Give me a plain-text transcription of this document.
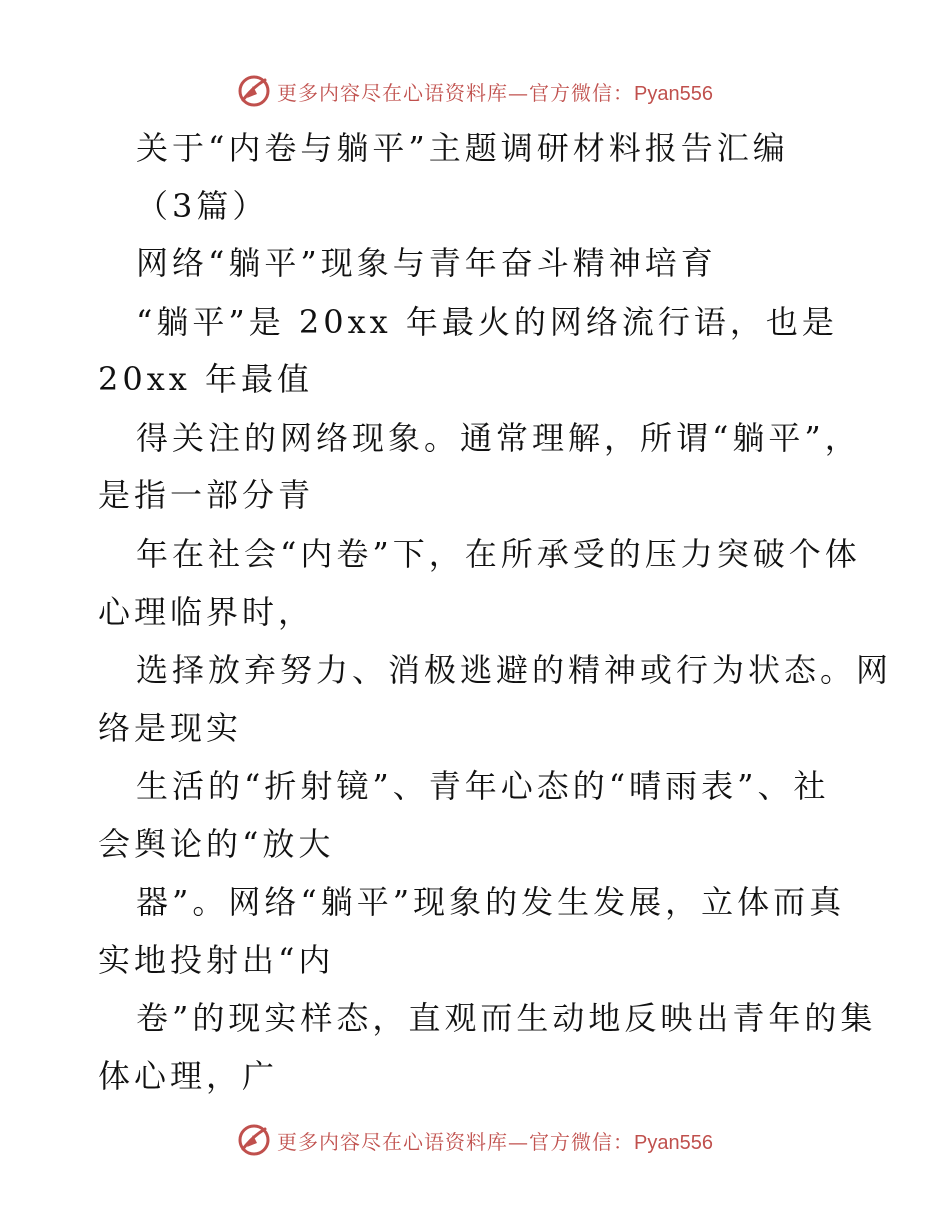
更多内容尽在心语资料库—官方微信：Pyan556
关于“内卷与躺平”主题调研材料报告汇编
（3篇）
网络“躺平”现象与青年奋斗精神培育
“躺平”是 20xx 年最火的网络流行语，也是
20xx 年最值
得关注的网络现象。通常理解，所谓“躺平”，
是指一部分青
年在社会“内卷”下，在所承受的压力突破个体
心理临界时，
选择放弃努力、消极逃避的精神或行为状态。网
络是现实
生活的“折射镜”、青年心态的“晴雨表”、社
会舆论的“放大
器”。网络“躺平”现象的发生发展，立体而真
实地投射出“内
卷”的现实样态，直观而生动地反映出青年的集
体心理，广
更多内容尽在心语资料库—官方微信：Pyan556
